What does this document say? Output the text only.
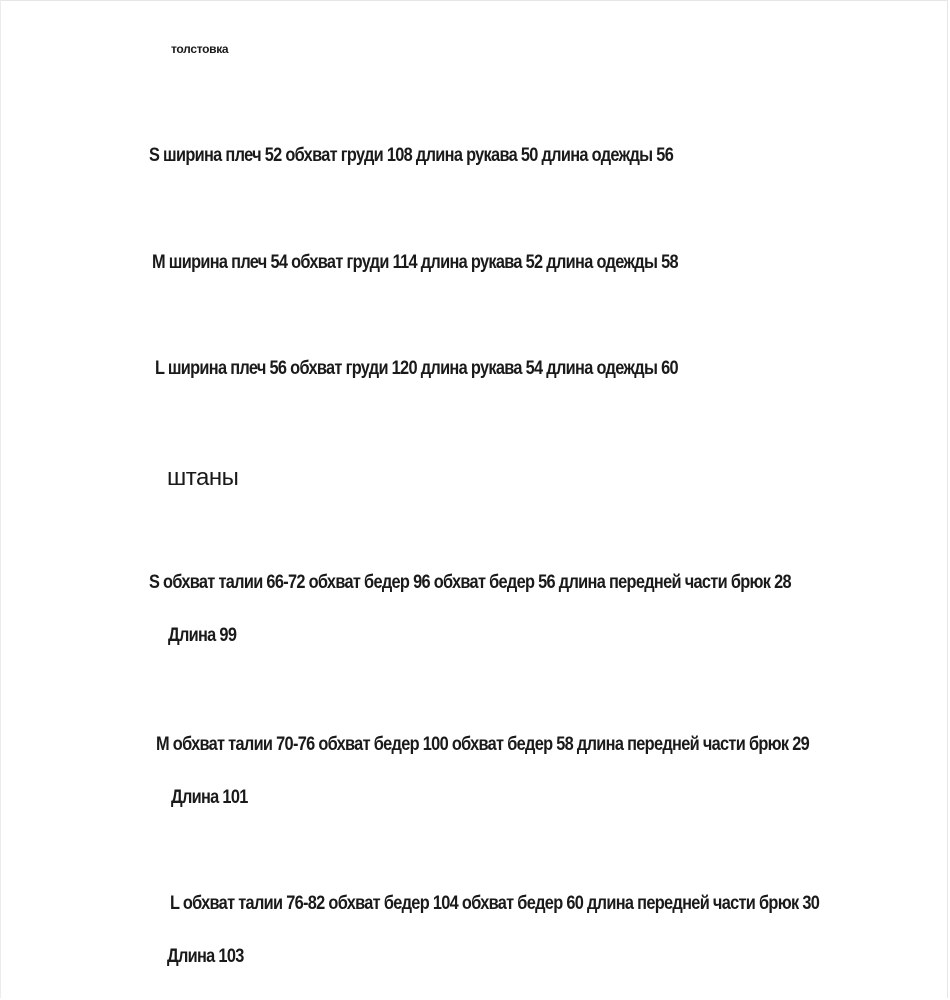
толстовка
S ширина плеч 52 обхват груди 108 длина рукава 50 длина одежды 56
M ширина плеч 54 обхват груди 114 длина рукава 52 длина одежды 58
L ширина плеч 56 обхват груди 120 длина рукава 54 длина одежды 60
штаны
S обхват талии 66-72 обхват бедер 96 обхват бедер 56 длина передней части брюк 28
Длина 99
M обхват талии 70-76 обхват бедер 100 обхват бедер 58 длина передней части брюк 29
Длина 101
L обхват талии 76-82 обхват бедер 104 обхват бедер 60 длина передней части брюк 30
Длина 103
